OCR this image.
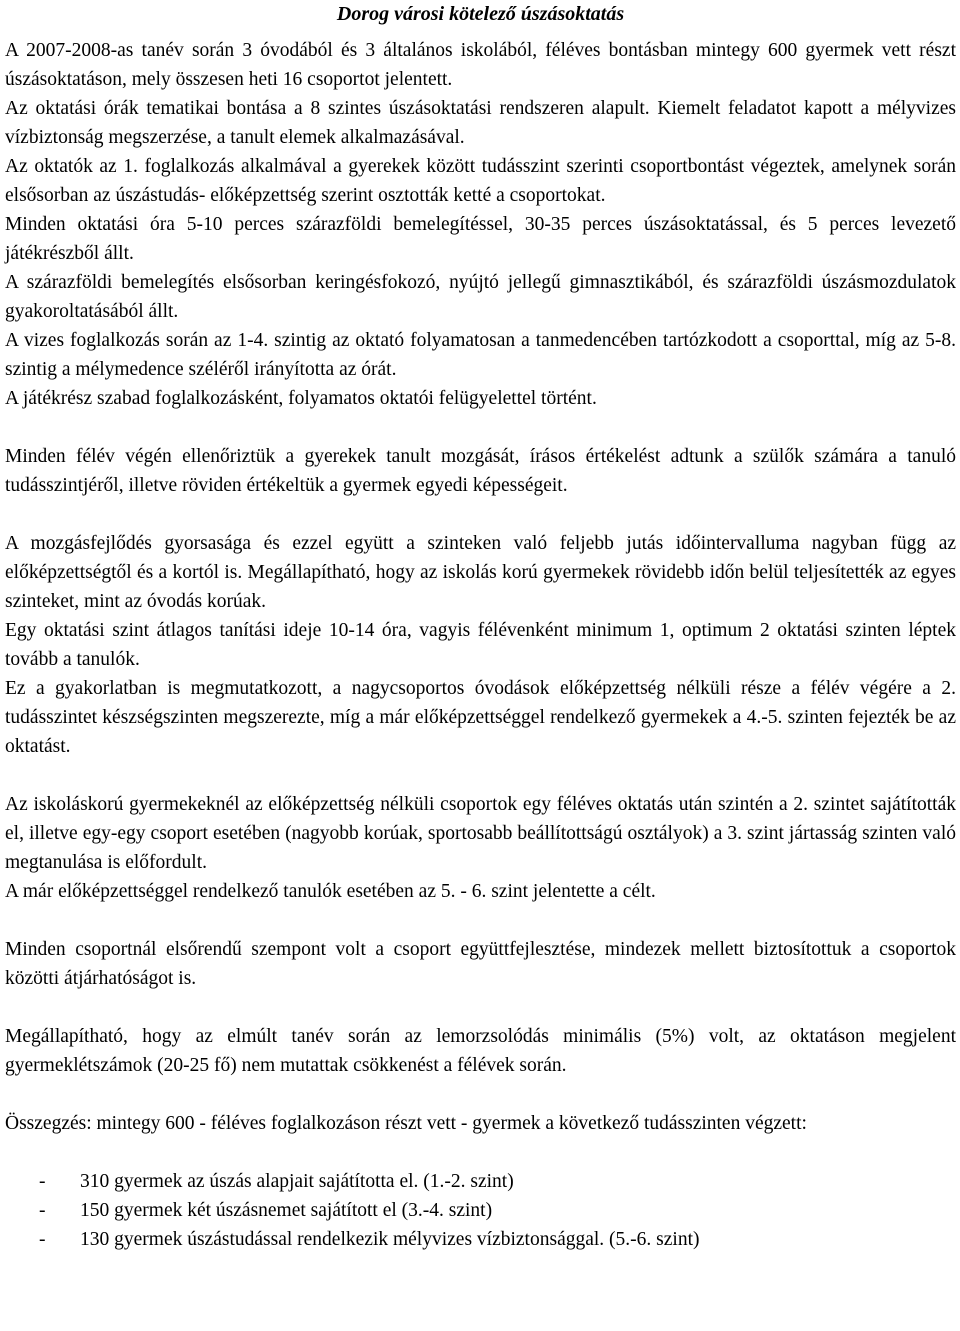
Dorog városi kötelező úszásoktatás

A 2007-2008-as tanév során 3 óvodából és 3 általános iskolából, féléves bontásban mintegy 600 gyermek vett részt úszásoktatáson, mely összesen heti 16 csoportot jelentett.

Az oktatási órák tematikai bontása a 8 szintes úszásoktatási rendszeren alapult. Kiemelt feladatot kapott a mélyvizes vízbiztonság megszerzése, a tanult elemek alkalmazásával.

Az oktatók az 1. foglalkozás alkalmával a gyerekek között tudásszint szerinti csoportbontást végeztek, amelynek során elsősorban az úszástudás- előképzettség szerint osztották ketté a csoportokat.

Minden oktatási óra 5-10 perces szárazföldi bemelegítéssel, 30-35 perces úszásoktatással, és 5 perces levezető játékrészből állt.

A szárazföldi bemelegítés elsősorban keringésfokozó, nyújtó jellegű gimnasztikából, és szárazföldi úszásmozdulatok gyakoroltatásából állt.

A vizes foglalkozás során az 1-4. szintig az oktató folyamatosan a tanmedencében tartózkodott a csoporttal, míg az 5-8. szintig a mélymedence széléről irányította az órát.

A játékrész szabad foglalkozásként, folyamatos oktatói felügyelettel történt.

Minden félév végén ellenőriztük a gyerekek tanult mozgását, írásos értékelést adtunk a szülők számára a tanuló tudásszintjéről, illetve röviden értékeltük a gyermek egyedi képességeit.

A mozgásfejlődés gyorsasága és ezzel együtt a szinteken való feljebb jutás időintervalluma nagyban függ az előképzettségtől és a kortól is. Megállapítható, hogy az iskolás korú gyermekek rövidebb időn belül teljesítették az egyes szinteket, mint az óvodás korúak.

Egy oktatási szint átlagos tanítási ideje 10-14 óra, vagyis félévenként minimum 1, optimum 2 oktatási szinten léptek tovább a tanulók.

Ez a gyakorlatban is megmutatkozott, a nagycsoportos óvodások előképzettség nélküli része a félév végére a 2. tudásszintet készségszinten megszerezte, míg a már előképzettséggel rendelkező gyermekek a 4.-5. szinten fejezték be az oktatást.

Az iskoláskorú gyermekeknél az előképzettség nélküli csoportok egy féléves oktatás után szintén a 2. szintet sajátították el, illetve egy-egy csoport esetében (nagyobb korúak, sportosabb beállítottságú osztályok) a 3. szint jártasság szinten való megtanulása is előfordult.

A már előképzettséggel rendelkező tanulók esetében az 5. - 6. szint jelentette a célt.

Minden csoportnál elsőrendű szempont volt a csoport együttfejlesztése, mindezek mellett biztosítottuk a csoportok közötti átjárhatóságot is.

Megállapítható, hogy az elmúlt tanév során az lemorzsolódás minimális (5%) volt, az oktatáson megjelent gyermeklétszámok (20-25 fő) nem mutattak csökkenést a félévek során.

Összegzés: mintegy 600 - féléves foglalkozáson részt vett - gyermek a következő tudásszinten végzett:

- 310 gyermek az úszás alapjait sajátította el. (1.-2. szint)
- 150 gyermek két úszásnemet sajátított el (3.-4. szint)
- 130 gyermek úszástudással rendelkezik mélyvizes vízbiztonsággal. (5.-6. szint)
